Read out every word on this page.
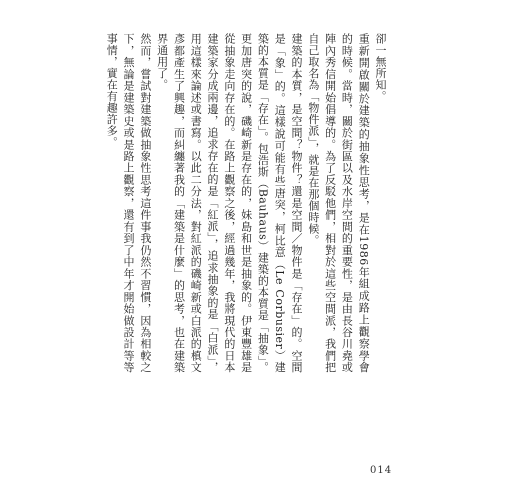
卻一無所知。

重新開啟關於建築的抽象性思考，是在1986年組成路上觀察學會的時候。當時，關於街區以及水岸空間的重要性，是由長谷川堯或陣內秀信開始倡導的。為了反駁他們，相對於這些空間派，我們把自己取名為「物件派」，就是在那個時候。

建築的本質，是空間？物件？還是空間／物件是「存在」的。空間是「象」的。這樣說可能有些唐突，柯比意（Le Corbusier）建築的本質是「存在」。包浩斯（Bauhaus）建築的本質是「抽象」。更加唐突的說，磯崎新是存在的，妹島和世是抽象的。伊東豐雄是從抽象走向存在的。在路上觀察之後，經過幾年，我將現代的日本建築家分成兩邊，追求存在的是「紅派」，追求抽象的是「白派」，用這樣來論述或書寫。以此二分法，對紅派的磯崎新或白派的槙文彥都產生了興趣，而糾纏著我的「建築是什麼」的思考，也在建築界通用了。

然而，嘗試對建築做抽象性思考這件事我仍然不習慣，因為相較之下，無論是建築史或是路上觀察，還有到了中年才開始做設計等等事情，實在有趣許多。

014
